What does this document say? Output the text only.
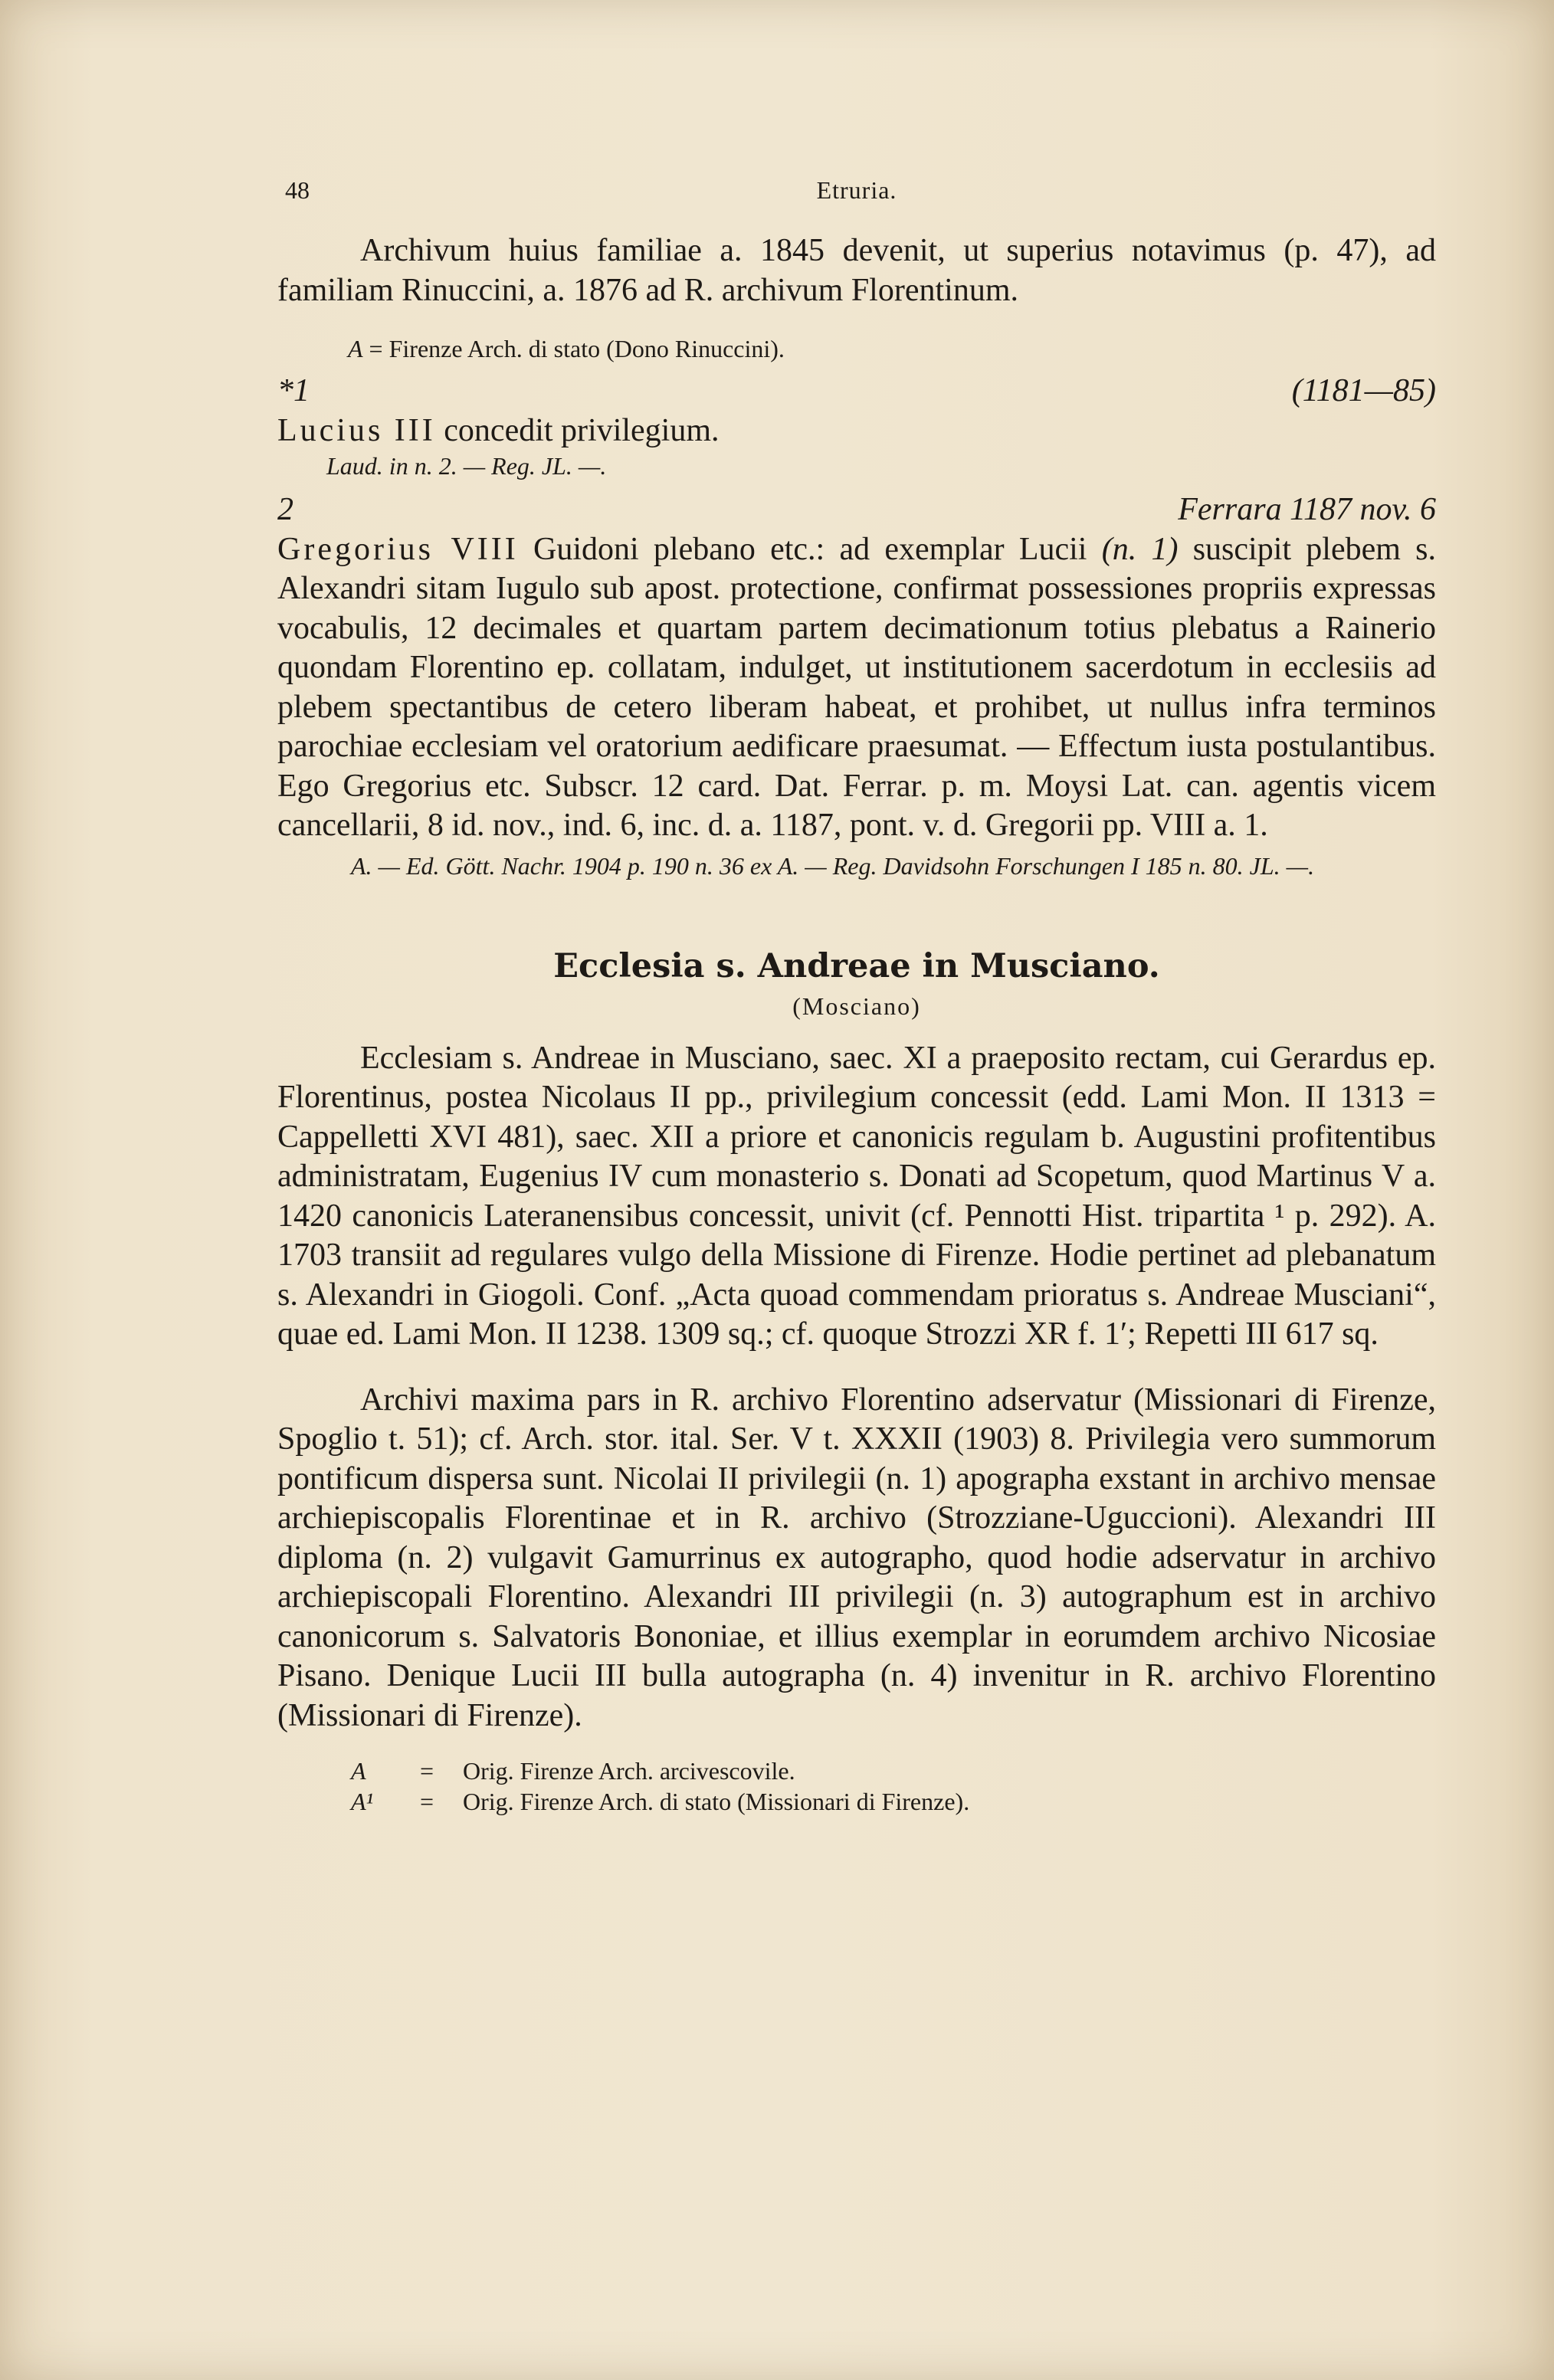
48	Etruria.

Archivum huius familiae a. 1845 devenit, ut superius notavimus (p. 47), ad familiam Rinuccini, a. 1876 ad R. archivum Florentinum.

A = Firenze Arch. di stato (Dono Rinuccini).

*1	(1181—85)

Lucius III concedit privilegium.

Laud. in n. 2. — Reg. JL. —.

2	Ferrara 1187 nov. 6

Gregorius VIII Guidoni plebano etc.: ad exemplar Lucii (n. 1) suscipit plebem s. Alexandri sitam Iugulo sub apost. protectione, confirmat possessiones propriis expressas vocabulis, 12 decimales et quartam partem decimationum totius plebatus a Rainerio quondam Florentino ep. collatam, indulget, ut institutionem sacerdotum in ecclesiis ad plebem spectantibus de cetero liberam habeat, et prohibet, ut nullus infra terminos parochiae ecclesiam vel oratorium aedificare praesumat. — Effectum iusta postulantibus. Ego Gregorius etc. Subscr. 12 card. Dat. Ferrar. p. m. Moysi Lat. can. agentis vicem cancellarii, 8 id. nov., ind. 6, inc. d. a. 1187, pont. v. d. Gregorii pp. VIII a. 1.

A. — Ed. Gött. Nachr. 1904 p. 190 n. 36 ex A. — Reg. Davidsohn Forschungen I 185 n. 80. JL. —.

Ecclesia s. Andreae in Musciano.

(Mosciano)

Ecclesiam s. Andreae in Musciano, saec. XI a praeposito rectam, cui Gerardus ep. Florentinus, postea Nicolaus II pp., privilegium concessit (edd. Lami Mon. II 1313 = Cappelletti XVI 481), saec. XII a priore et canonicis regulam b. Augustini profitentibus administratam, Eugenius IV cum monasterio s. Donati ad Scopetum, quod Martinus V a. 1420 canonicis Lateranensibus concessit, univit (cf. Pennotti Hist. tripartita ¹ p. 292). A. 1703 transiit ad regulares vulgo della Missione di Firenze. Hodie pertinet ad plebanatum s. Alexandri in Giogoli. Conf. „Acta quoad commendam prioratus s. Andreae Musciani“, quae ed. Lami Mon. II 1238. 1309 sq.; cf. quoque Strozzi XR f. 1′; Repetti III 617 sq.

Archivi maxima pars in R. archivo Florentino adservatur (Missionari di Firenze, Spoglio t. 51); cf. Arch. stor. ital. Ser. V t. XXXII (1903) 8. Privilegia vero summorum pontificum dispersa sunt. Nicolai II privilegii (n. 1) apographa exstant in archivo mensae archiepiscopalis Florentinae et in R. archivo (Strozziane-Uguccioni). Alexandri III diploma (n. 2) vulgavit Gamurrinus ex autographo, quod hodie adservatur in archivo archiepiscopali Florentino. Alexandri III privilegii (n. 3) autographum est in archivo canonicorum s. Salvatoris Bononiae, et illius exemplar in eorumdem archivo Nicosiae Pisano. Denique Lucii III bulla autographa (n. 4) invenitur in R. archivo Florentino (Missionari di Firenze).

A	=	Orig. Firenze Arch. arcivescovile.
A¹	=	Orig. Firenze Arch. di stato (Missionari di Firenze).
